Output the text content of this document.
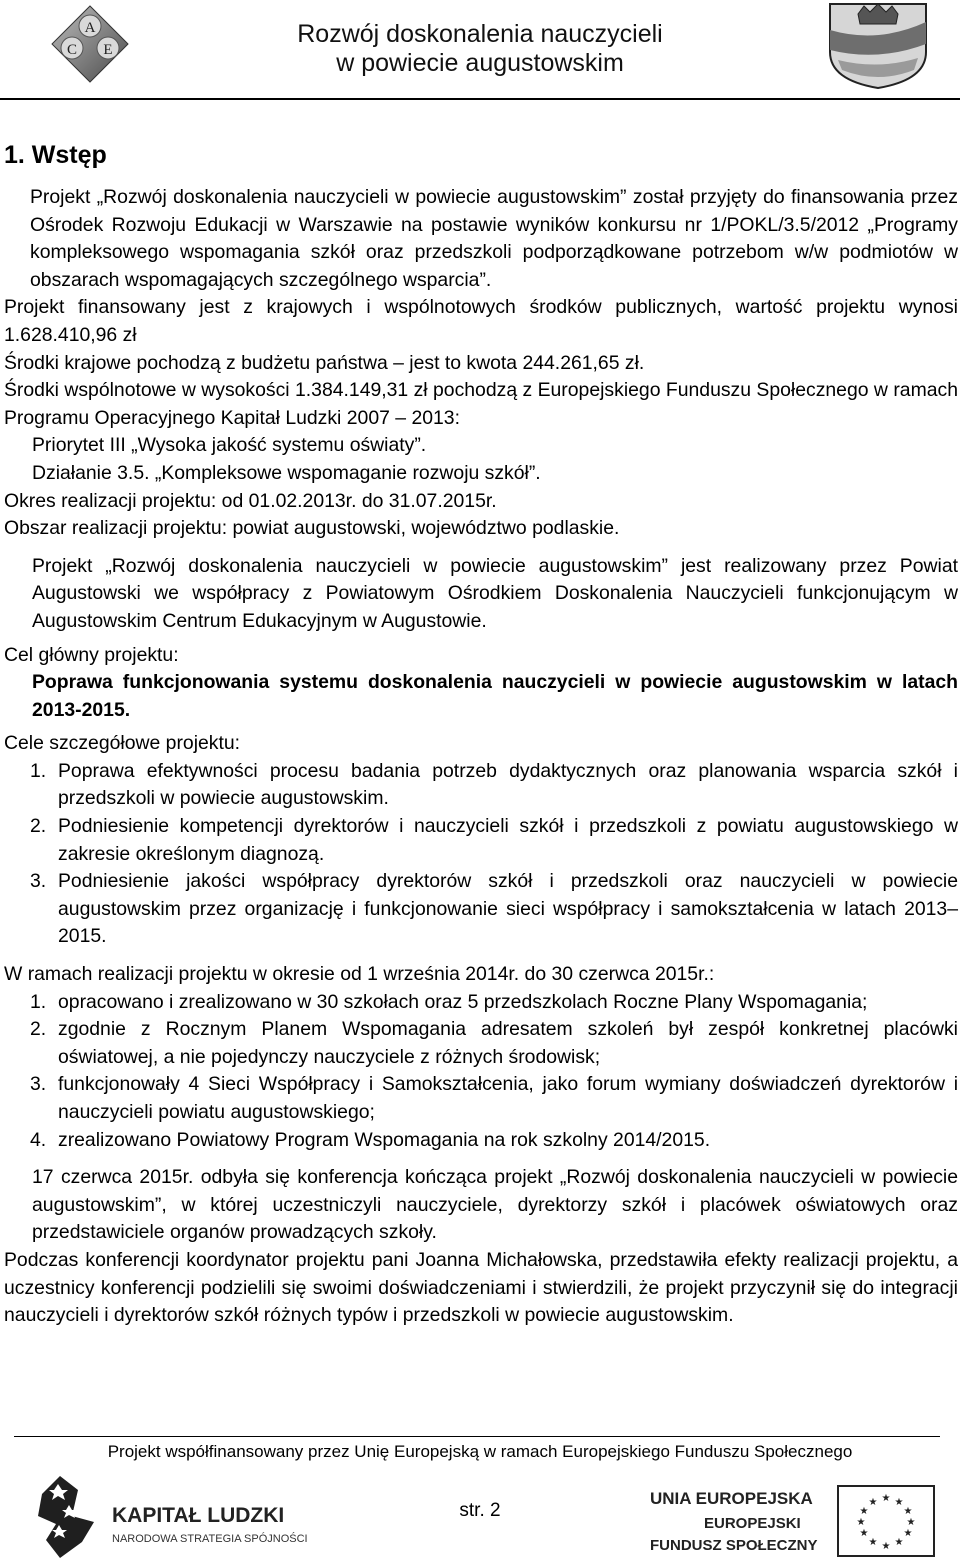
A
C E
Rozwój doskonalenia nauczycieli
w powiecie augustowskim
1. Wstęp

Projekt „Rozwój doskonalenia nauczycieli w powiecie augustowskim” został przyjęty do finansowania przez Ośrodek Rozwoju Edukacji w Warszawie na postawie wyników konkursu nr 1/POKL/3.5/2012 „Programy kompleksowego wspomagania szkół oraz przedszkoli podporządkowane potrzebom w/w podmiotów w obszarach wspomagających szczególnego wsparcia”.

Projekt finansowany jest z krajowych i wspólnotowych środków publicznych, wartość projektu wynosi 1.628.410,96 zł

Środki krajowe pochodzą z budżetu państwa – jest to kwota 244.261,65 zł.

Środki wspólnotowe w wysokości 1.384.149,31 zł pochodzą z Europejskiego Funduszu Społecznego w ramach Programu Operacyjnego Kapitał Ludzki 2007 – 2013:

Priorytet III „Wysoka jakość systemu oświaty”.

Działanie 3.5. „Kompleksowe wspomaganie rozwoju szkół”.

Okres realizacji projektu: od 01.02.2013r. do 31.07.2015r.

Obszar realizacji projektu: powiat augustowski, województwo podlaskie.

Projekt „Rozwój doskonalenia nauczycieli w powiecie augustowskim” jest realizowany przez Powiat Augustowski we współpracy z Powiatowym Ośrodkiem Doskonalenia Nauczycieli funkcjonującym w Augustowskim Centrum Edukacyjnym w Augustowie.

Cel główny projektu:

Poprawa funkcjonowania systemu doskonalenia nauczycieli w powiecie augustowskim w latach 2013-2015.

Cele szczegółowe projektu:

1. Poprawa efektywności procesu badania potrzeb dydaktycznych oraz planowania wsparcia szkół i przedszkoli w powiecie augustowskim.
2. Podniesienie kompetencji dyrektorów i nauczycieli szkół i przedszkoli z powiatu augustowskiego w zakresie określonym diagnozą.
3. Podniesienie jakości współpracy dyrektorów szkół i przedszkoli oraz nauczycieli w powiecie augustowskim przez organizację i funkcjonowanie sieci współpracy i samokształcenia w latach 2013–2015.

W ramach realizacji projektu w okresie od 1 września 2014r. do 30 czerwca 2015r.:

1. opracowano i zrealizowano w 30 szkołach oraz 5 przedszkolach Roczne Plany Wspomagania;
2. zgodnie z Rocznym Planem Wspomagania adresatem szkoleń był zespół konkretnej placówki oświatowej, a nie pojedynczy nauczyciele z różnych środowisk;
3. funkcjonowały 4 Sieci Współpracy i Samokształcenia, jako forum wymiany doświadczeń dyrektorów i nauczycieli powiatu augustowskiego;
4. zrealizowano Powiatowy Program Wspomagania na rok szkolny 2014/2015.

17 czerwca 2015r. odbyła się konferencja kończąca projekt „Rozwój doskonalenia nauczycieli w powiecie augustowskim”, w której uczestniczyli nauczyciele, dyrektorzy szkół i placówek oświatowych oraz przedstawiciele organów prowadzących szkoły.

Podczas konferencji koordynator projektu pani Joanna Michałowska, przedstawiła efekty realizacji projektu, a uczestnicy konferencji podzielili się swoimi doświadczeniami i stwierdzili, że projekt przyczynił się do integracji nauczycieli i dyrektorów szkół różnych typów i przedszkoli w powiecie augustowskim.

Projekt współfinansowany przez Unię Europejską w ramach Europejskiego Funduszu Społecznego
str. 2
KAPITAŁ LUDZKI
NARODOWA STRATEGIA SPÓJNOŚCI
UNIA EUROPEJSKA
EUROPEJSKI
FUNDUSZ SPOŁECZNY
★ ★
★
★
★
★
★
★
★
★
★
★
